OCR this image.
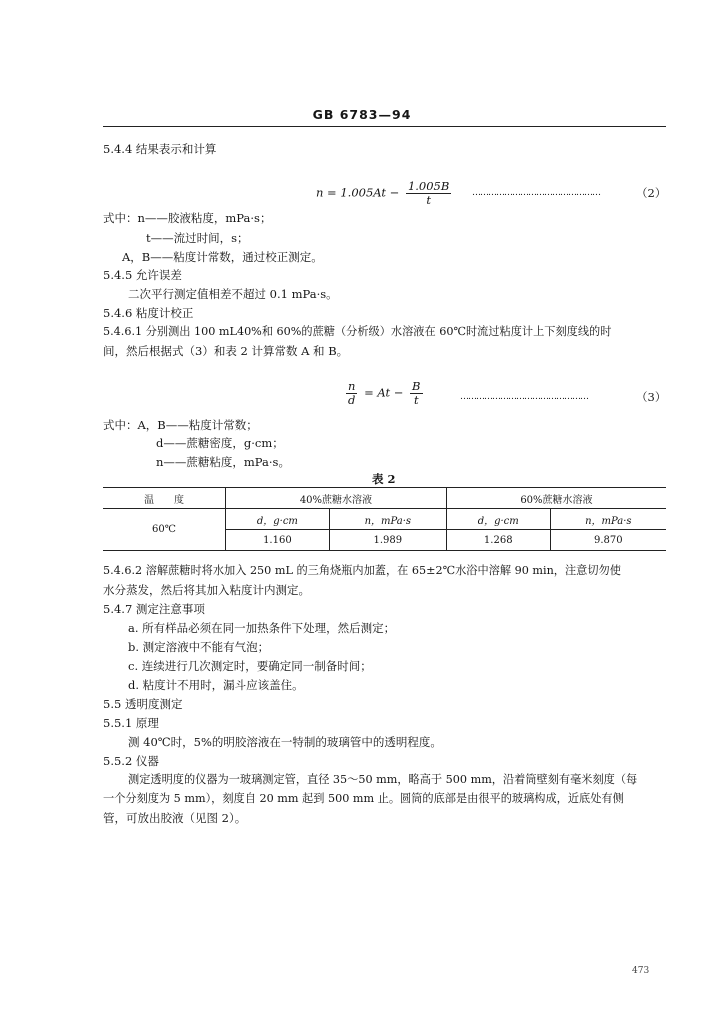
GB 6783—94
5.4.4 结果表示和计算
$n = 1.005At - \frac{1.005B}{t}$ …………………………………………	（2）
式中：n——胶液粘度，mPa·s；
t——流过时间，s；
A，B——粘度计常数，通过校正测定。
5.4.5 允许误差
二次平行测定值相差不超过 0.1 mPa·s。
5.4.6 粘度计校正
5.4.6.1 分别测出 100 mL40%和 60%的蔗糖（分析级）水溶液在 60℃时流过粘度计上下刻度线的时
间，然后根据式（3）和表 2 计算常数 A 和 B。
$\frac{n}{d} = At - \frac{B}{t}$	…………………………………………	（3）
式中：A，B——粘度计常数；
d——蔗糖密度，g·cm；
n——蔗糖粘度，mPa·s。
表 2
温　　度	40%蔗糖水溶液		60%蔗糖水溶液	
60℃	d，g·cm	n，mPa·s	d，g·cm	n，mPa·s
	1.160	1.989	1.268	9.870
5.4.6.2 溶解蔗糖时将水加入 250 mL 的三角烧瓶内加蓋，在 65±2℃水浴中溶解 90 min，注意切勿使
水分蒸发，然后将其加入粘度计内测定。
5.4.7 测定注意事项
a. 所有样品必须在同一加热条件下处理，然后测定；
b. 测定溶液中不能有气泡；
c. 连续进行几次测定时，要确定同一制备时间；
d. 粘度计不用时，漏斗应该盖住。
5.5 透明度测定
5.5.1 原理
测 40℃时，5%的明胶溶液在一特制的玻璃管中的透明程度。
5.5.2 仪器
测定透明度的仪器为一玻璃测定管，直径 35～50 mm，略高于 500 mm，沿着筒壁刻有毫米刻度（每
一个分刻度为 5 mm），刻度自 20 mm 起到 500 mm 止。圆筒的底部是由很平的玻璃构成，近底处有侧
管，可放出胶液（见图 2）。
473
